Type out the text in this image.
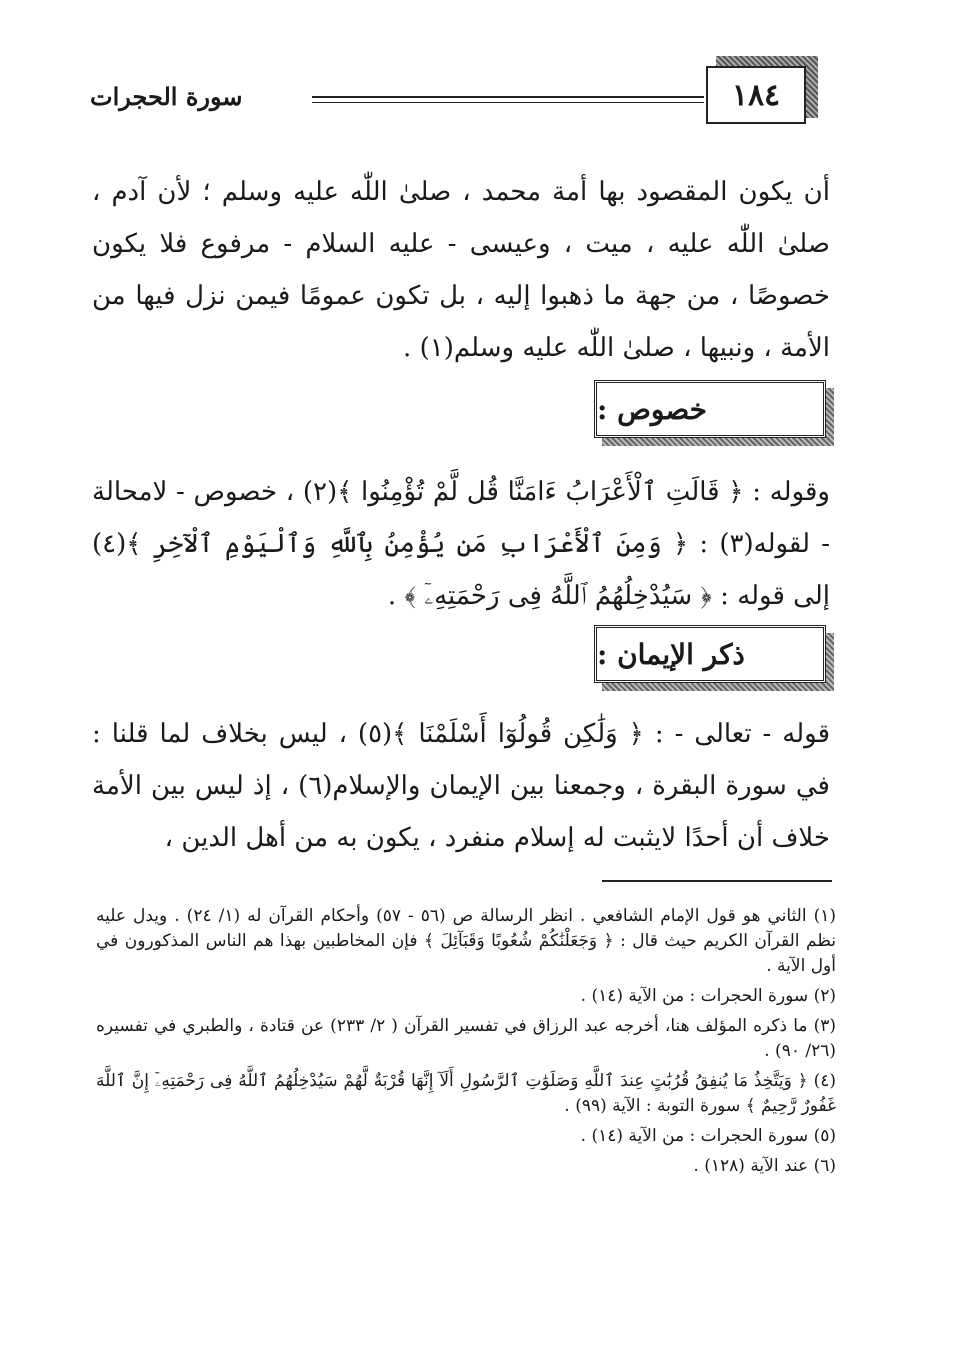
سورة الحجرات	١٨٤
أن يكون المقصود بها أمة محمد ، صلىٰ اللّٰه عليه وسلم ؛ لأن آدم ، صلىٰ اللّٰه عليه ، ميت ، وعيسى - عليه السلام - مرفوع فلا يكون خصوصًا ، من جهة ما ذهبوا إليه ، بل تكون عمومًا فيمن نزل فيها من الأمة ، ونبيها ، صلىٰ اللّٰه عليه وسلم(١) .
خصوص :
وقوله : ﴿ قَالَتِ ٱلْأَعْرَابُ ءَامَنَّا قُل لَّمْ تُؤْمِنُوا ﴾(٢) ، خصوص - لامحالة - لقوله(٣) : ﴿ وَمِنَ ٱلْأَعْرَابِ مَن يُؤْمِنُ بِٱللَّهِ وَٱلْيَوْمِ ٱلْآخِرِ ﴾(٤) إلى قوله : ﴿ سَيُدْخِلُهُمُ ٱللَّهُ فِى رَحْمَتِهِۦٓ ﴾ .
ذكر الإيمان :
قوله - تعالى - : ﴿ وَلَٰكِن قُولُوٓا أَسْلَمْنَا ﴾(٥) ، ليس بخلاف لما قلنا : في سورة البقرة ، وجمعنا بين الإيمان والإسلام(٦) ، إذ ليس بين الأمة خلاف أن أحدًا لايثبت له إسلام منفرد ، يكون به من أهل الدين ،

(١) الثاني هو قول الإمام الشافعي . انظر الرسالة ص (٥٦ - ٥٧) وأحكام القرآن له (١/ ٢٤) . ويدل عليه نظم القرآن الكريم حيث قال : ﴿ وَجَعَلْنَٰكُمْ شُعُوبًا وَقَبَآئِلَ ﴾ فإن المخاطبين بهذا هم الناس المذكورون في أول الآية .

(٢) سورة الحجرات : من الآية (١٤) .

(٣) ما ذكره المؤلف هنا، أخرجه عبد الرزاق في تفسير القرآن ( ٢/ ٢٣٣) عن قتادة ، والطبري في تفسيره (٢٦/ ٩٠) .

(٤) ﴿ وَيَتَّخِذُ مَا يُنفِقُ قُرُبَٰتٍ عِندَ ٱللَّهِ وَصَلَوَٰتِ ٱلرَّسُولِ أَلَآ إِنَّهَا قُرْبَةٌ لَّهُمْ سَيُدْخِلُهُمُ ٱللَّهُ فِى رَحْمَتِهِۦٓ إِنَّ ٱللَّهَ غَفُورٌ رَّحِيمٌ ﴾ سورة التوبة : الآية (٩٩) .

(٥) سورة الحجرات : من الآية (١٤) .

(٦) عند الآية (١٢٨) .
